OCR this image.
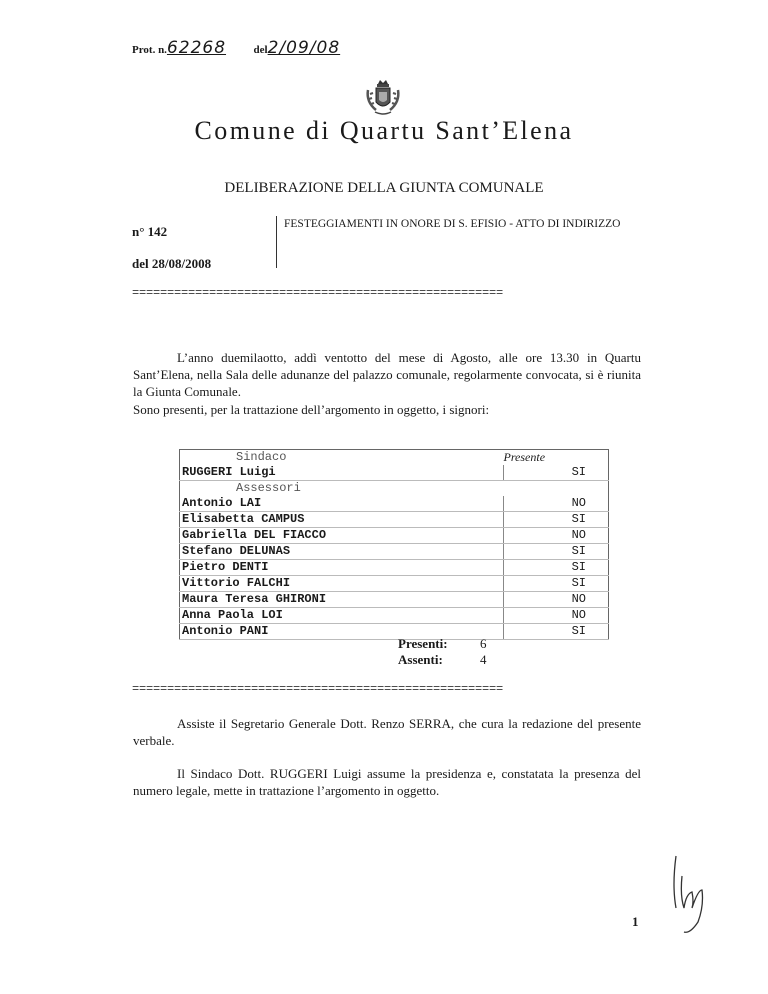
Prot. n.62268	del2/09/08
Comune di Quartu Sant’Elena
DELIBERAZIONE DELLA GIUNTA COMUNALE
n° 142
del 28/08/2008
FESTEGGIAMENTI IN ONORE DI S. EFISIO - ATTO DI INDIRIZZO
=====================================================
L’anno duemilaotto, addì ventotto del mese di Agosto, alle ore 13.30 in Quartu Sant’Elena, nella Sala delle adunanze del palazzo comunale, regolarmente convocata, si è riunita la Giunta Comunale.
Sono presenti, per la trattazione dell’argomento in oggetto, i signori:
Sindaco	Presente
RUGGERI Luigi	SI
Assessori	
Antonio LAI	NO
Elisabetta CAMPUS	SI
Gabriella DEL FIACCO	NO
Stefano DELUNAS	SI
Pietro DENTI	SI
Vittorio FALCHI	SI
Maura Teresa GHIRONI	NO
Anna Paola LOI	NO
Antonio PANI	SI
Presenti: 6
Assenti:	4
=====================================================
Assiste il Segretario Generale Dott. Renzo SERRA, che cura la redazione del presente verbale.
Il Sindaco Dott. RUGGERI Luigi assume la presidenza e, constatata la presenza del numero legale, mette in trattazione l’argomento in oggetto.
1
